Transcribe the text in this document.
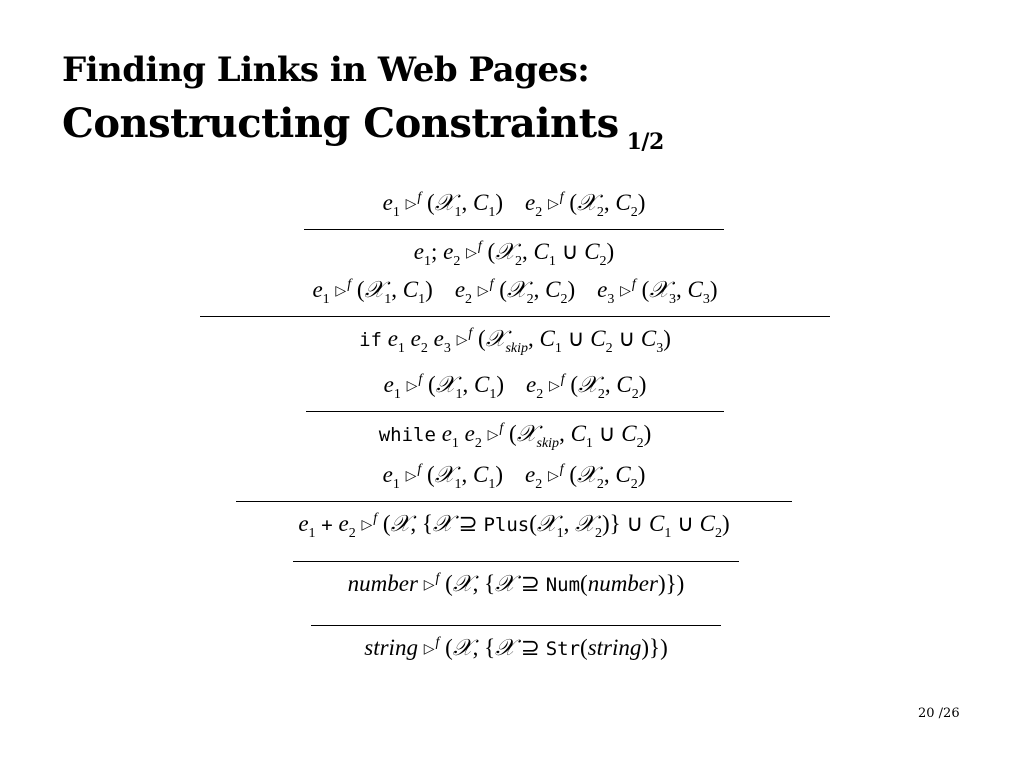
Finding Links in Web Pages:
Constructing Constraints $_{1/2}$
$e_1$ ▷$^f$ (𝒳$_1$, $C_1$) $e_2$ ▷$^f$ (𝒳$_2$, $C_2$)
$e_1$; $e_2$ ▷$^f$ (𝒳$_2$, $C_1$ ∪ $C_2$)
$e_1$ ▷$^f$ (𝒳$_1$, $C_1$) $e_2$ ▷$^f$ (𝒳$_2$, $C_2$) $e_3$ ▷$^f$ (𝒳$_3$, $C_3$)
if $e_1$ $e_2$ $e_3$ ▷$^f$ (𝒳$_{skip}$, $C_1$ ∪ $C_2$ ∪ $C_3$)
$e_1$ ▷$^f$ (𝒳$_1$, $C_1$) $e_2$ ▷$^f$ (𝒳$_2$, $C_2$)
while $e_1$ $e_2$ ▷$^f$ (𝒳$_{skip}$, $C_1$ ∪ $C_2$)
$e_1$ ▷$^f$ (𝒳$_1$, $C_1$) $e_2$ ▷$^f$ (𝒳$_2$, $C_2$)
$e_1 + e_2$ ▷$^f$ (𝒳, {𝒳 ⊇ Plus(𝒳$_1$, 𝒳$_2$)} ∪ $C_1$ ∪ $C_2$)
number ▷$^f$ (𝒳, {𝒳 ⊇ Num(number)})
string ▷$^f$ (𝒳, {𝒳 ⊇ Str(string)})
20 /26
